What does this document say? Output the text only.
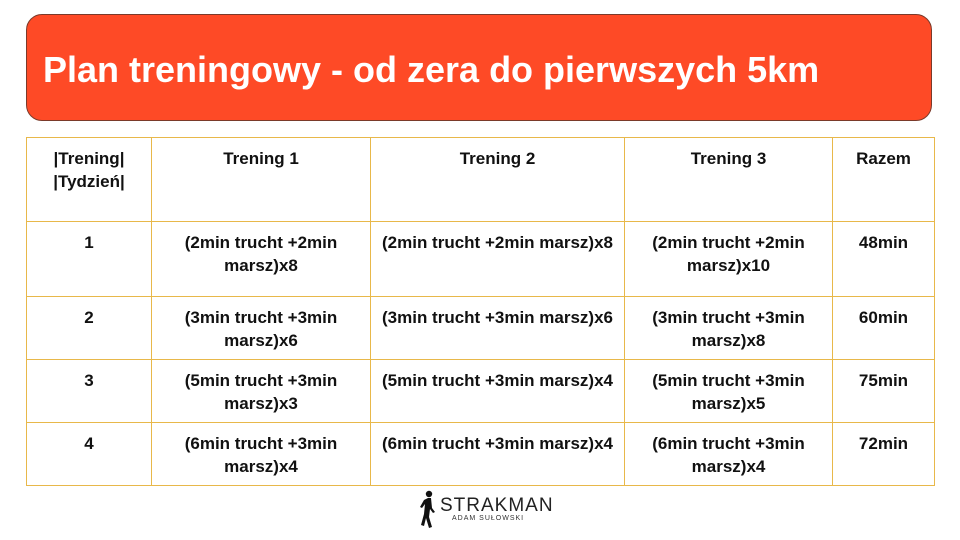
Plan treningowy - od zera do pierwszych 5km
|Trening|
|Tydzień|	Trening 1	Trening 2	Trening 3	Razem
1	(2min trucht +2min marsz)x8	(2min trucht +2min marsz)x8	(2min trucht +2min marsz)x10	48min
2	(3min trucht +3min marsz)x6	(3min trucht +3min marsz)x6	(3min trucht +3min marsz)x8	60min
3	(5min trucht +3min marsz)x3	(5min trucht +3min marsz)x4	(5min trucht +3min marsz)x5	75min
4	(6min trucht +3min marsz)x4	(6min trucht +3min marsz)x4	(6min trucht +3min marsz)x4	72min
STRAKMAN
ADAM SUŁOWSKI
